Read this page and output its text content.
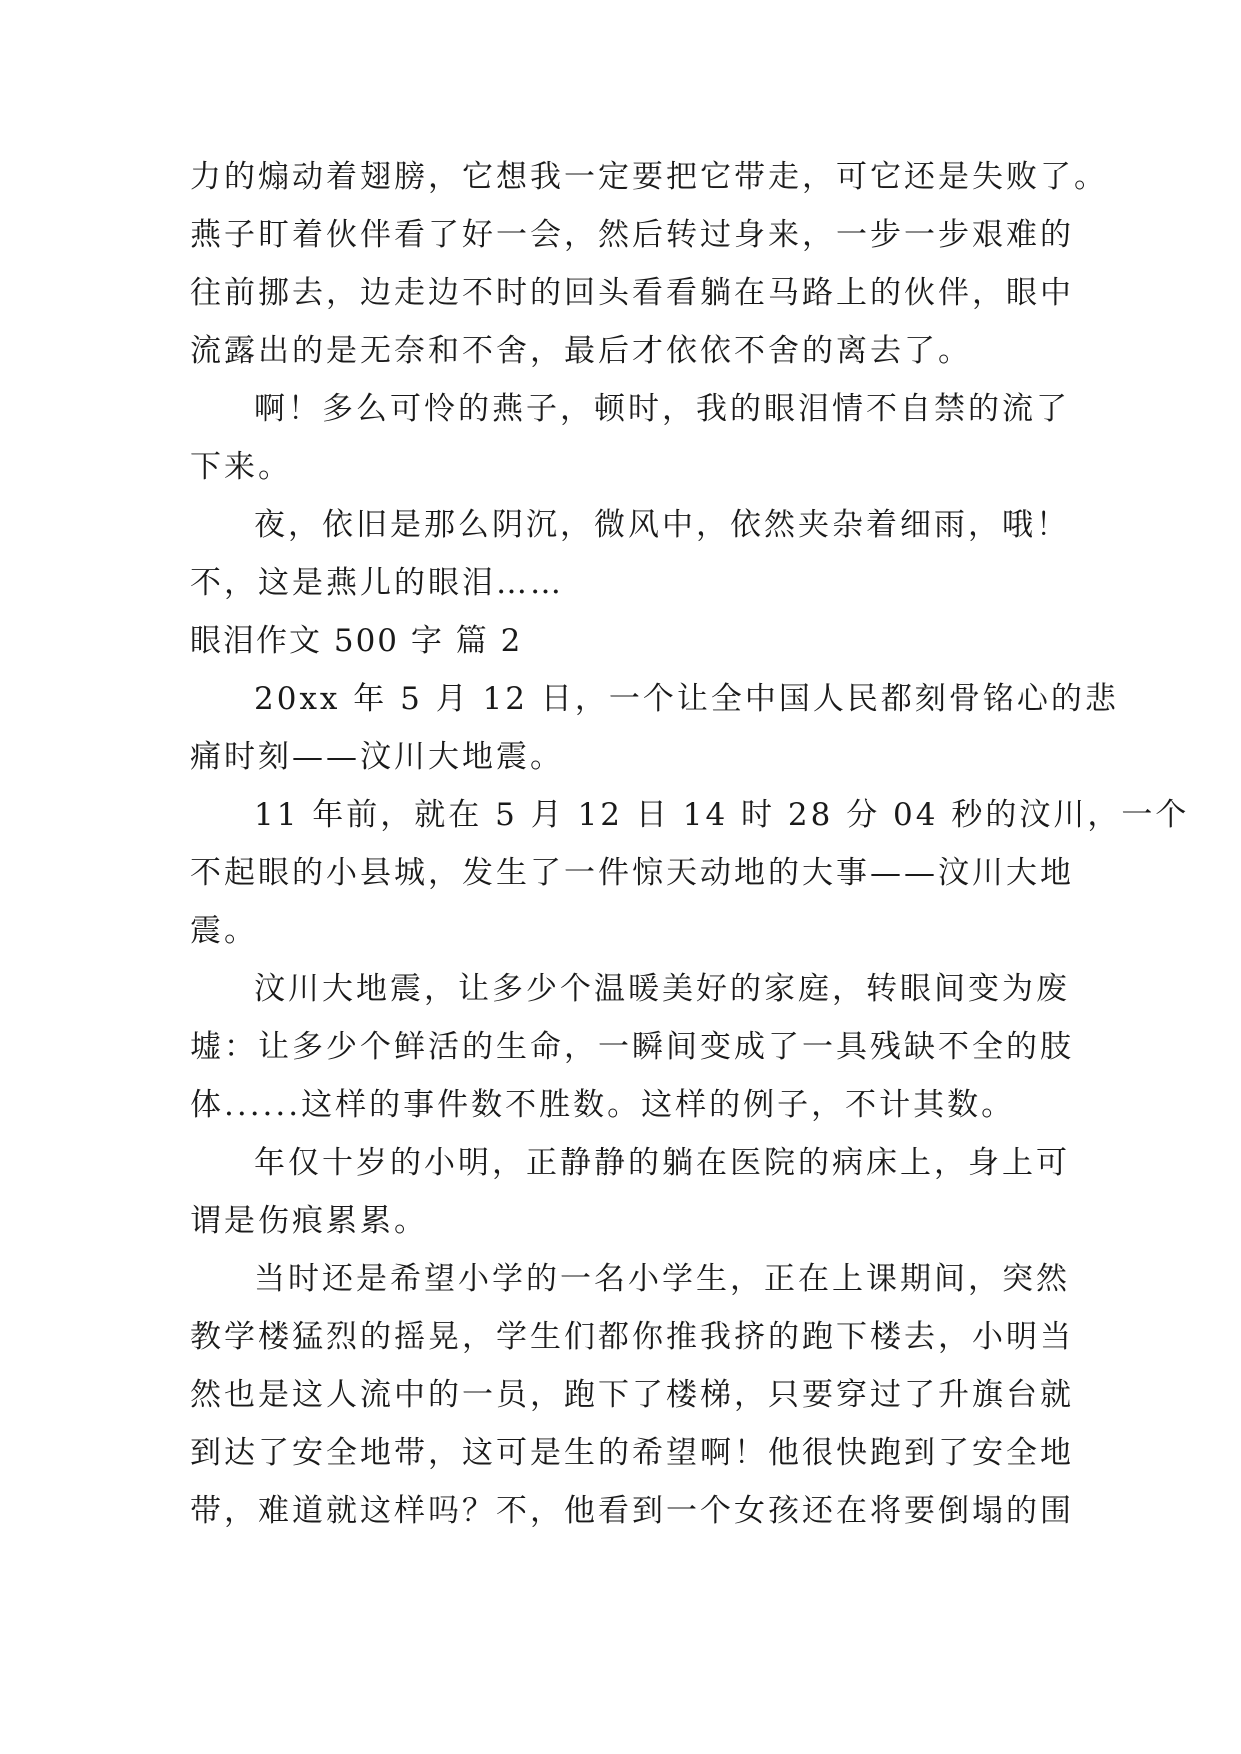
力的煽动着翅膀，它想我一定要把它带走，可它还是失败了。
燕子盯着伙伴看了好一会，然后转过身来，一步一步艰难的
往前挪去，边走边不时的回头看看躺在马路上的伙伴，眼中
流露出的是无奈和不舍，最后才依依不舍的离去了。
啊！多么可怜的燕子，顿时，我的眼泪情不自禁的流了
下来。
夜，依旧是那么阴沉，微风中，依然夹杂着细雨，哦！
不，这是燕儿的眼泪……
眼泪作文 500 字 篇 2
20xx 年 5 月 12 日，一个让全中国人民都刻骨铭心的悲
痛时刻——汶川大地震。
11 年前，就在 5 月 12 日 14 时 28 分 04 秒的汶川，一个
不起眼的小县城，发生了一件惊天动地的大事——汶川大地
震。
汶川大地震，让多少个温暖美好的家庭，转眼间变为废
墟：让多少个鲜活的生命，一瞬间变成了一具残缺不全的肢
体......这样的事件数不胜数。这样的例子，不计其数。
年仅十岁的小明，正静静的躺在医院的病床上，身上可
谓是伤痕累累。
当时还是希望小学的一名小学生，正在上课期间，突然
教学楼猛烈的摇晃，学生们都你推我挤的跑下楼去，小明当
然也是这人流中的一员，跑下了楼梯，只要穿过了升旗台就
到达了安全地带，这可是生的希望啊！他很快跑到了安全地
带，难道就这样吗？不，他看到一个女孩还在将要倒塌的围
